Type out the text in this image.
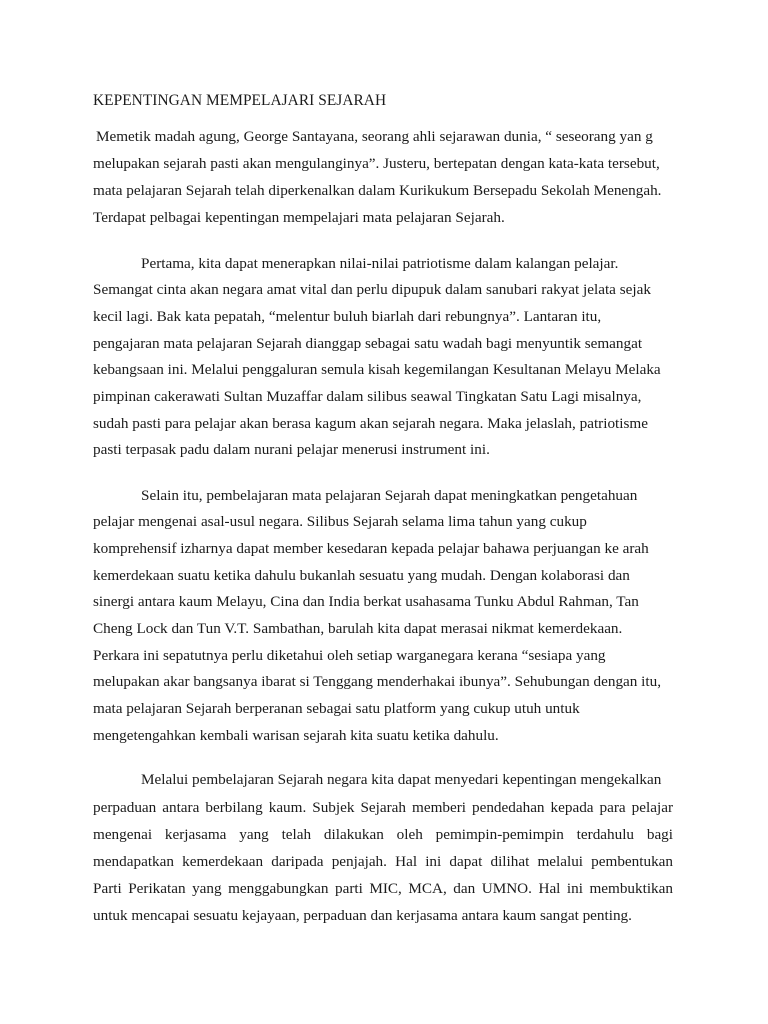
KEPENTINGAN MEMPELAJARI SEJARAH
Memetik madah agung, George Santayana, seorang ahli sejarawan dunia, “ seseorang yan g
melupakan sejarah pasti akan mengulanginya”. Justeru, bertepatan dengan kata-kata tersebut,
mata pelajaran Sejarah telah diperkenalkan dalam Kurikukum Bersepadu Sekolah Menengah.
Terdapat pelbagai kepentingan mempelajari mata pelajaran Sejarah.
Pertama, kita dapat menerapkan nilai-nilai patriotisme dalam kalangan pelajar.
Semangat cinta akan negara amat vital dan perlu dipupuk dalam sanubari rakyat jelata sejak
kecil lagi. Bak kata pepatah, “melentur buluh biarlah dari rebungnya”. Lantaran itu,
pengajaran mata pelajaran Sejarah dianggap sebagai satu wadah bagi menyuntik semangat
kebangsaan ini. Melalui penggaluran semula kisah kegemilangan Kesultanan Melayu Melaka
pimpinan cakerawati Sultan Muzaffar dalam silibus seawal Tingkatan Satu Lagi misalnya,
sudah pasti para pelajar akan berasa kagum akan sejarah negara. Maka jelaslah, patriotisme
pasti terpasak padu dalam nurani pelajar menerusi instrument ini.
Selain itu, pembelajaran mata pelajaran Sejarah dapat meningkatkan pengetahuan
pelajar mengenai asal-usul negara. Silibus Sejarah selama lima tahun yang cukup
komprehensif izharnya dapat member kesedaran kepada pelajar bahawa perjuangan ke arah
kemerdekaan suatu ketika dahulu bukanlah sesuatu yang mudah. Dengan kolaborasi dan
sinergi antara kaum Melayu, Cina dan India berkat usahasama Tunku Abdul Rahman, Tan
Cheng Lock dan Tun V.T. Sambathan, barulah kita dapat merasai nikmat kemerdekaan.
Perkara ini sepatutnya perlu diketahui oleh setiap warganegara kerana “sesiapa yang
melupakan akar bangsanya ibarat si Tenggang menderhakai ibunya”. Sehubungan dengan itu,
mata pelajaran Sejarah berperanan sebagai satu platform yang cukup utuh untuk
mengetengahkan kembali warisan sejarah kita suatu ketika dahulu.
Melalui pembelajaran Sejarah negara kita dapat menyedari kepentingan mengekalkan
perpaduan antara berbilang kaum. Subjek Sejarah memberi pendedahan kepada para pelajar
mengenai kerjasama yang telah dilakukan oleh pemimpin-pemimpin terdahulu bagi
mendapatkan kemerdekaan daripada penjajah. Hal ini dapat dilihat melalui pembentukan
Parti Perikatan yang menggabungkan parti MIC, MCA, dan UMNO. Hal ini membuktikan
untuk mencapai sesuatu kejayaan, perpaduan dan kerjasama antara kaum sangat penting.
